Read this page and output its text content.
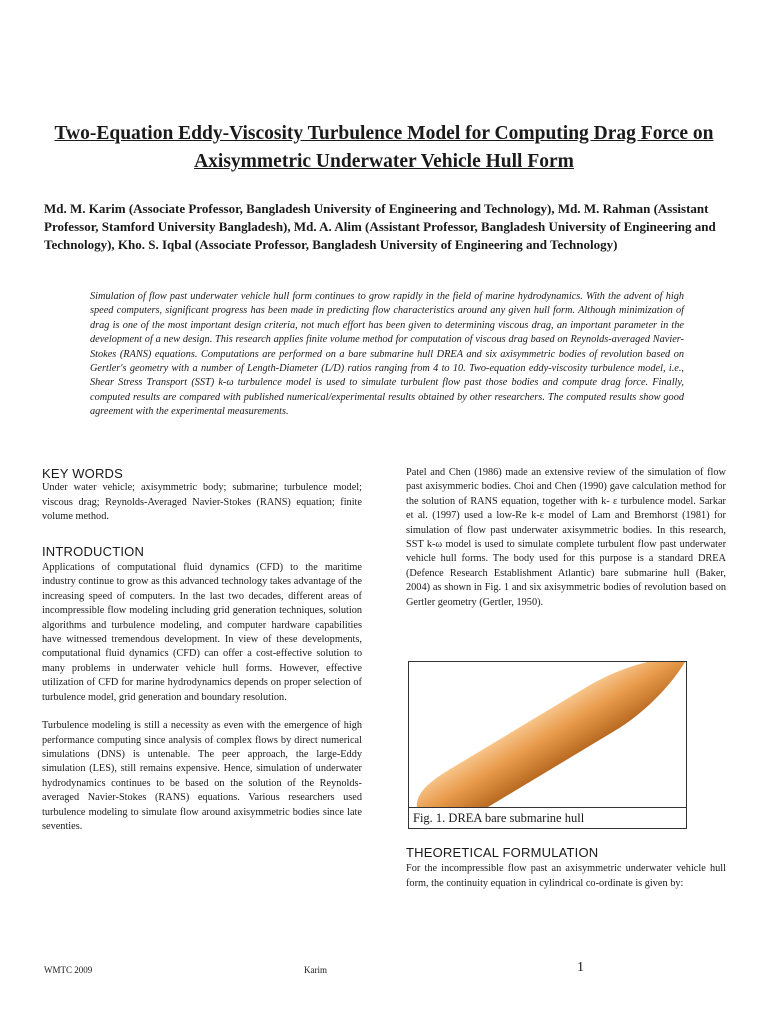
Two-Equation Eddy-Viscosity Turbulence Model for Computing Drag Force on Axisymmetric Underwater Vehicle Hull Form

Md. M. Karim (Associate Professor, Bangladesh University of Engineering and Technology), Md. M. Rahman (Assistant Professor, Stamford University Bangladesh), Md. A. Alim (Assistant Professor, Bangladesh University of Engineering and Technology), Kho. S. Iqbal (Associate Professor, Bangladesh University of Engineering and Technology)

Simulation of flow past underwater vehicle hull form continues to grow rapidly in the field of marine hydrodynamics. With the advent of high speed computers, significant progress has been made in predicting flow characteristics around any given hull form. Although minimization of drag is one of the most important design criteria, not much effort has been given to determining viscous drag, an important parameter in the development of a new design. This research applies finite volume method for computation of viscous drag based on Reynolds-averaged Navier-Stokes (RANS) equations. Computations are performed on a bare submarine hull DREA and six axisymmetric bodies of revolution based on Gertler's geometry with a number of Length-Diameter (L/D) ratios ranging from 4 to 10. Two-equation eddy-viscosity turbulence model, i.e., Shear Stress Transport (SST) k-ω turbulence model is used to simulate turbulent flow past those bodies and compute drag force. Finally, computed results are compared with published numerical/experimental results obtained by other researchers. The computed results show good agreement with the experimental measurements.

KEY WORDS

Under water vehicle; axisymmetric body; submarine; turbulence model; viscous drag; Reynolds-Averaged Navier-Stokes (RANS) equation; finite volume method.

INTRODUCTION

Applications of computational fluid dynamics (CFD) to the maritime industry continue to grow as this advanced technology takes advantage of the increasing speed of computers. In the last two decades, different areas of incompressible flow modeling including grid generation techniques, solution algorithms and turbulence modeling, and computer hardware capabilities have witnessed tremendous development. In view of these developments, computational fluid dynamics (CFD) can offer a cost-effective solution to many problems in underwater vehicle hull forms. However, effective utilization of CFD for marine hydrodynamics depends on proper selection of turbulence model, grid generation and boundary resolution.

Turbulence modeling is still a necessity as even with the emergence of high performance computing since analysis of complex flows by direct numerical simulations (DNS) is untenable. The peer approach, the large-Eddy simulation (LES), still remains expensive. Hence, simulation of underwater hydrodynamics continues to be based on the solution of the Reynolds-averaged Navier-Stokes (RANS) equations. Various researchers used turbulence modeling to simulate flow around axisymmetric bodies since late seventies.

Patel and Chen (1986) made an extensive review of the simulation of flow past axisymmeric bodies. Choi and Chen (1990) gave calculation method for the solution of RANS equation, together with k- ε turbulence model. Sarkar et al. (1997) used a low-Re k-ε model of Lam and Bremhorst (1981) for simulation of flow past underwater axisymmetric bodies. In this research, SST k-ω model is used to simulate complete turbulent flow past underwater vehicle hull forms. The body used for this purpose is a standard DREA (Defence Research Establishment Atlantic) bare submarine hull (Baker, 2004) as shown in Fig. 1 and six axisymmetric bodies of revolution based on Gertler geometry (Gertler, 1950).

Fig. 1. DREA bare submarine hull
THEORETICAL FORMULATION

For the incompressible flow past an axisymmetric underwater vehicle hull form, the continuity equation in cylindrical co-ordinate is given by:

WMTC 2009	Karim	1
